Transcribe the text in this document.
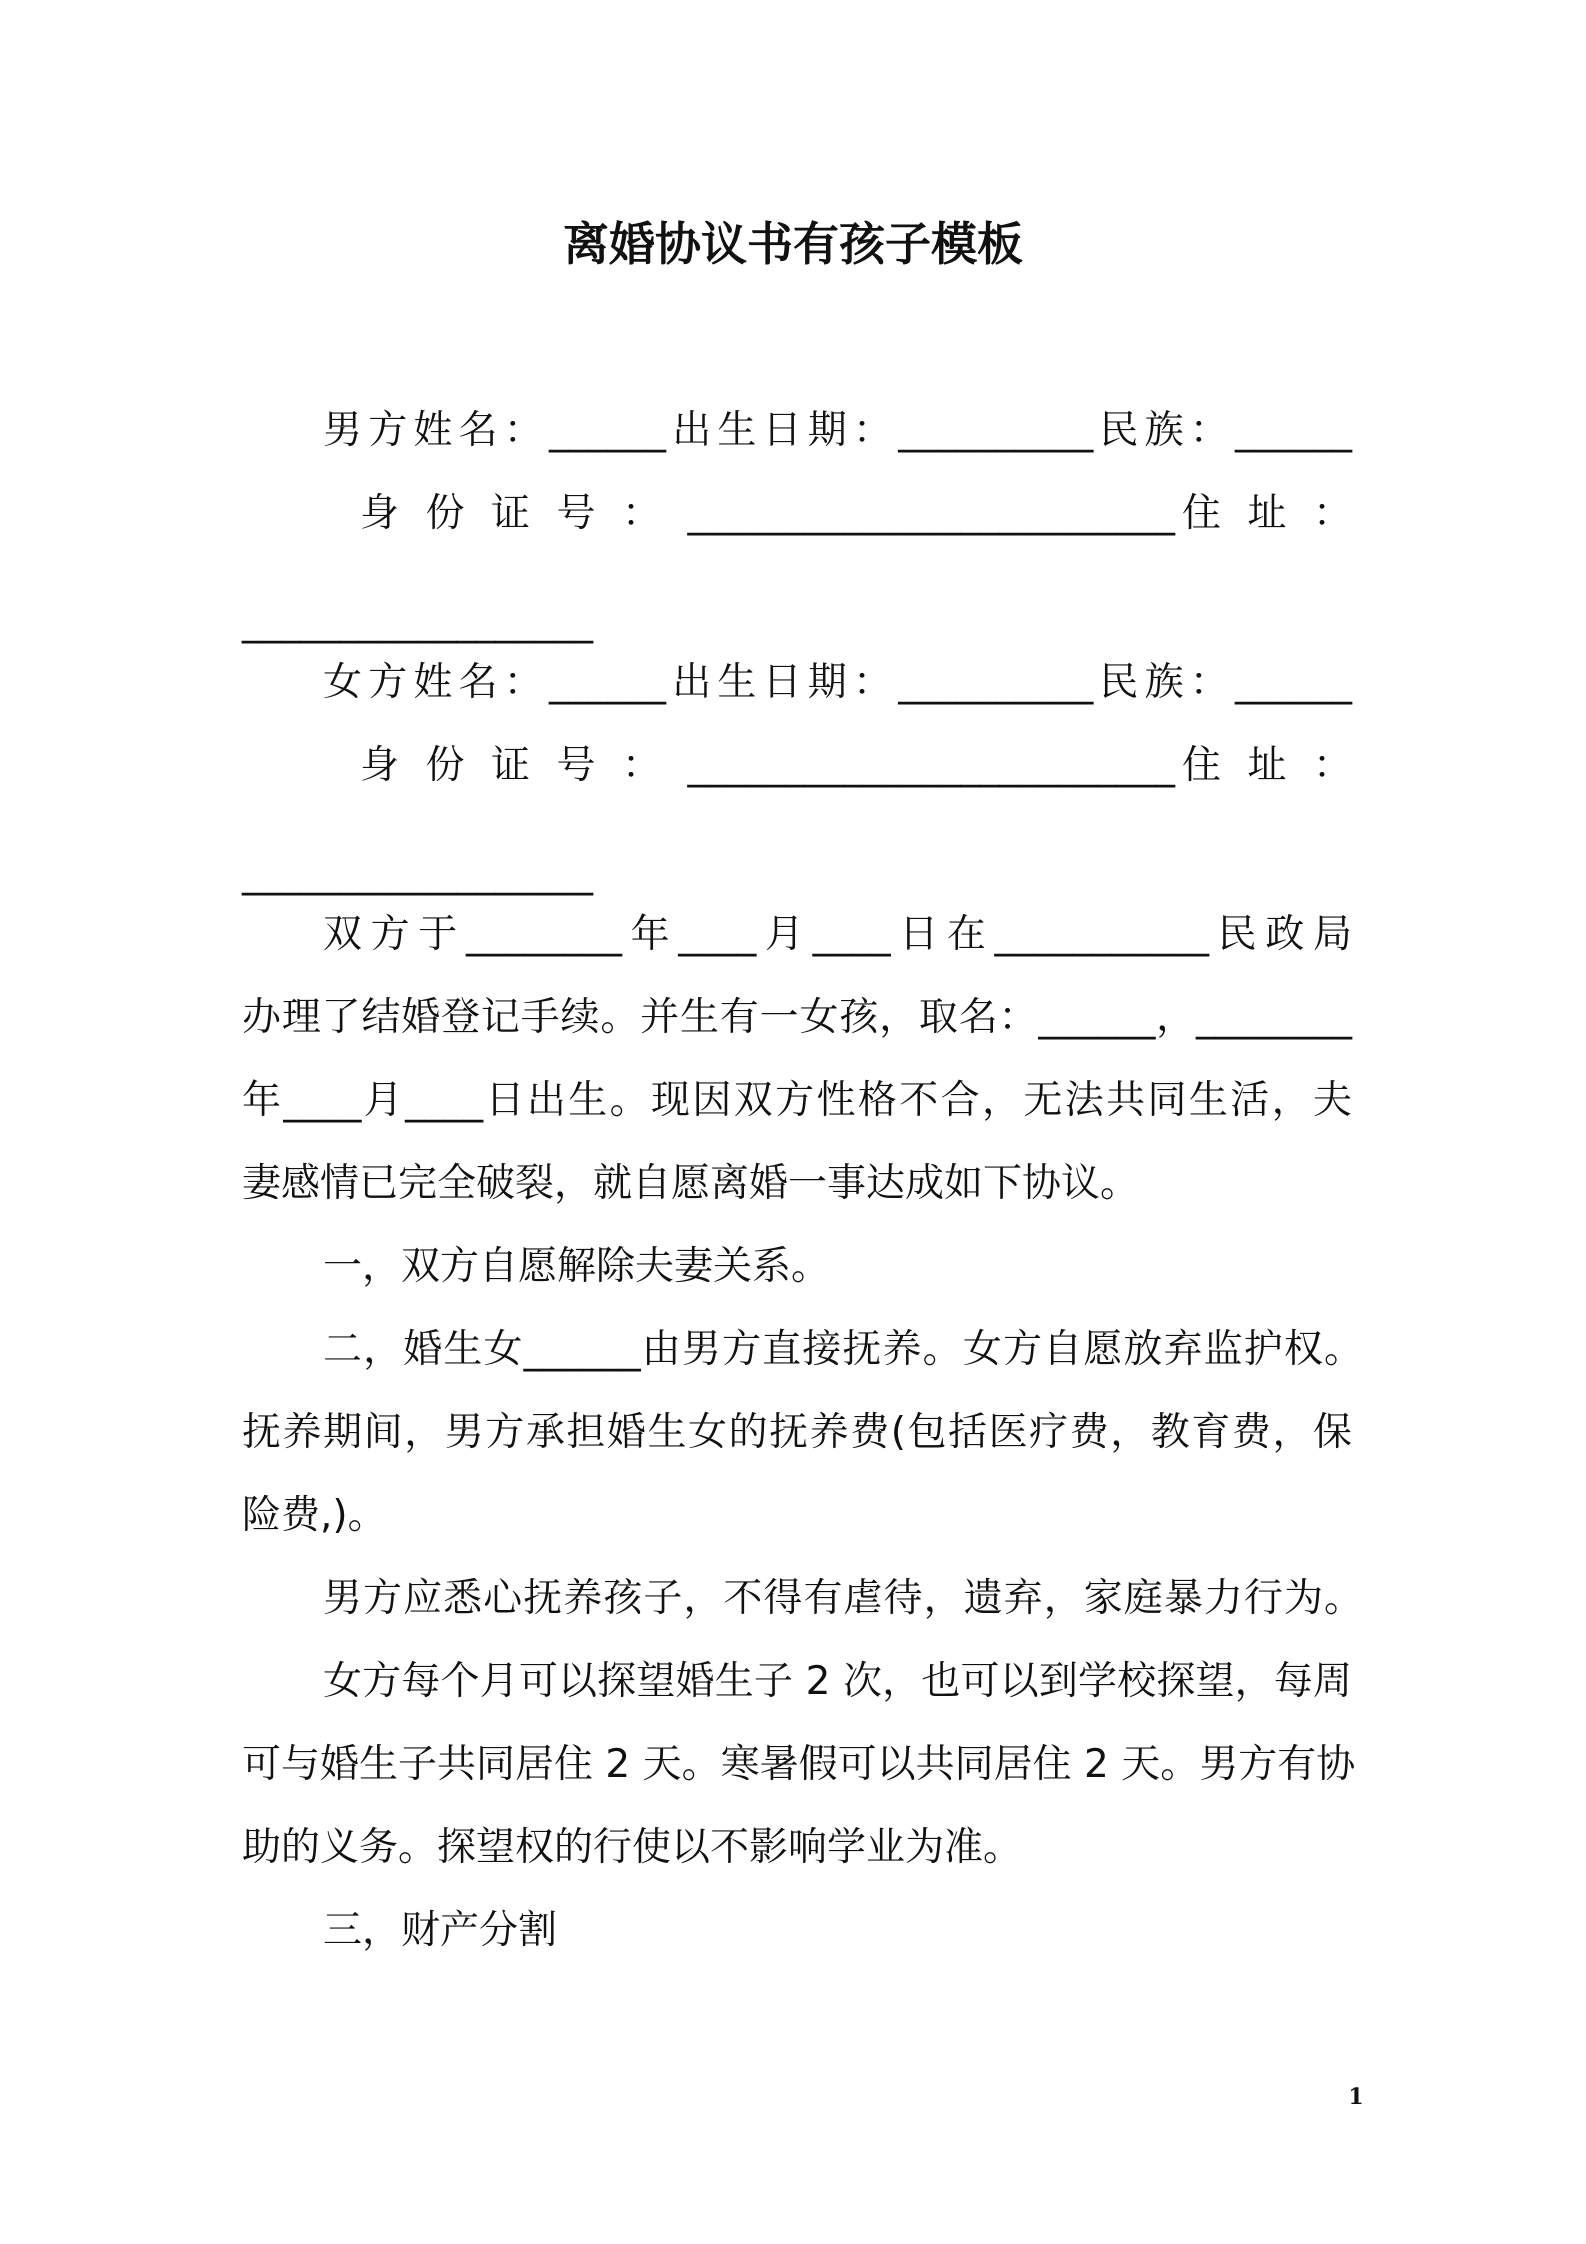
离婚协议书有孩子模板
男方姓名：______出生日期：__________民族：______
身 份 证 号 ： _________________________住 址 ：
__________________
女方姓名：______出生日期：__________民族：______
身 份 证 号 ： _________________________住 址 ：
__________________
双方于________年____月____日在___________民政局
办理了结婚登记手续。并生有一女孩，取名：______，________
年____月____日出生。现因双方性格不合，无法共同生活，夫
妻感情已完全破裂，就自愿离婚一事达成如下协议。
一，双方自愿解除夫妻关系。
二，婚生女______由男方直接抚养。女方自愿放弃监护权。
抚养期间，男方承担婚生女的抚养费(包括医疗费，教育费，保
险费,)。
男方应悉心抚养孩子，不得有虐待，遗弃，家庭暴力行为。
女方每个月可以探望婚生子 2 次，也可以到学校探望，每周
可与婚生子共同居住 2 天。寒暑假可以共同居住 2 天。男方有协
助的义务。探望权的行使以不影响学业为准。
三，财产分割
1
